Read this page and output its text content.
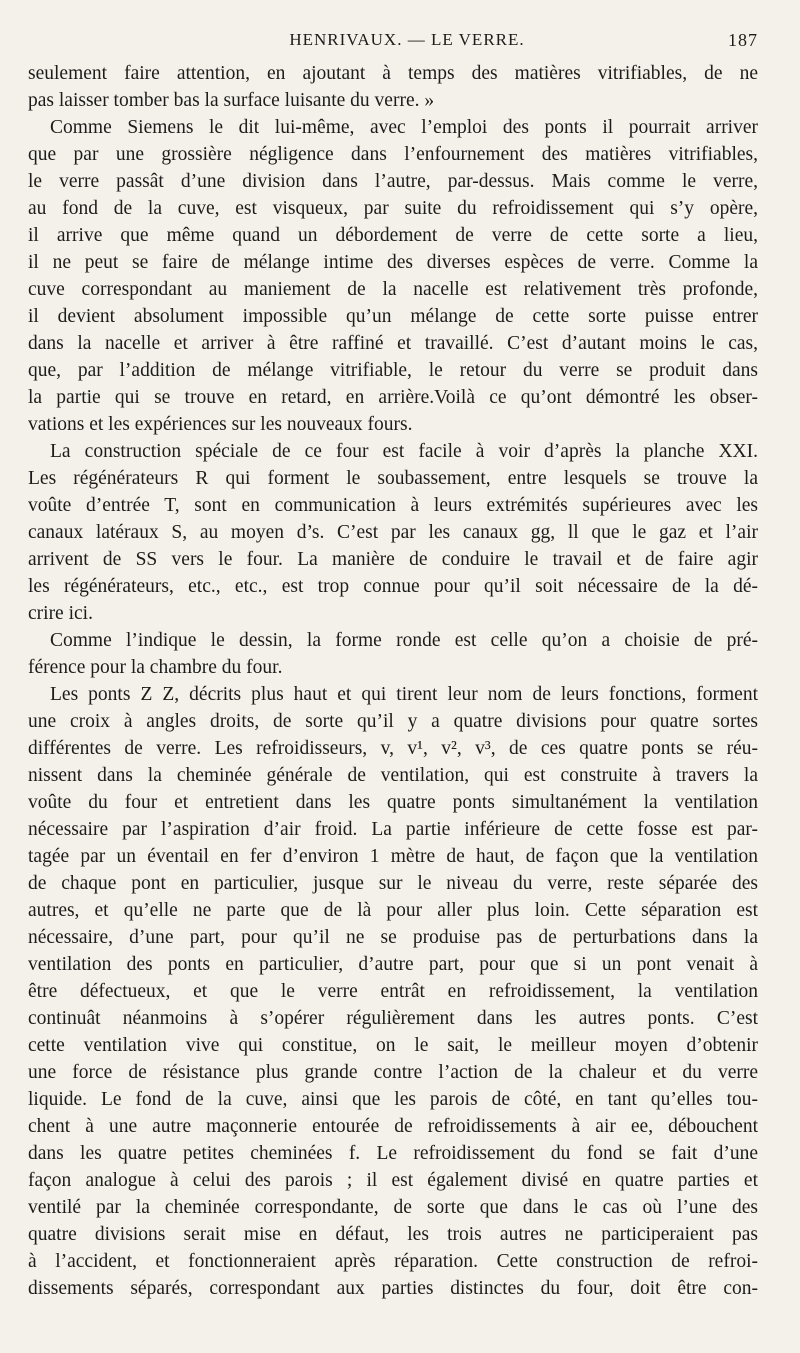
HENRIVAUX. — LE VERRE.	187
seulement faire attention, en ajoutant à temps des matières vitrifiables, de ne
pas laisser tomber bas la surface luisante du verre. »
Comme Siemens le dit lui-même, avec l’emploi des ponts il pourrait arriver
que par une grossière négligence dans l’enfournement des matières vitrifiables,
le verre passât d’une division dans l’autre, par-dessus. Mais comme le verre,
au fond de la cuve, est visqueux, par suite du refroidissement qui s’y opère,
il arrive que même quand un débordement de verre de cette sorte a lieu,
il ne peut se faire de mélange intime des diverses espèces de verre. Comme la
cuve correspondant au maniement de la nacelle est relativement très profonde,
il devient absolument impossible qu’un mélange de cette sorte puisse entrer
dans la nacelle et arriver à être raffiné et travaillé. C’est d’autant moins le cas,
que, par l’addition de mélange vitrifiable, le retour du verre se produit dans
la partie qui se trouve en retard, en arrière.Voilà ce qu’ont démontré les obser-
vations et les expériences sur les nouveaux fours.
La construction spéciale de ce four est facile à voir d’après la planche XXI.
Les régénérateurs R qui forment le soubassement, entre lesquels se trouve la
voûte d’entrée T, sont en communication à leurs extrémités supérieures avec les
canaux latéraux S, au moyen d’s. C’est par les canaux gg, ll que le gaz et l’air
arrivent de SS vers le four. La manière de conduire le travail et de faire agir
les régénérateurs, etc., etc., est trop connue pour qu’il soit nécessaire de la dé-
crire ici.
Comme l’indique le dessin, la forme ronde est celle qu’on a choisie de pré-
férence pour la chambre du four.
Les ponts Z Z, décrits plus haut et qui tirent leur nom de leurs fonctions, forment
une croix à angles droits, de sorte qu’il y a quatre divisions pour quatre sortes
différentes de verre. Les refroidisseurs, v, v¹, v², v³, de ces quatre ponts se réu-
nissent dans la cheminée générale de ventilation, qui est construite à travers la
voûte du four et entretient dans les quatre ponts simultanément la ventilation
nécessaire par l’aspiration d’air froid. La partie inférieure de cette fosse est par-
tagée par un éventail en fer d’environ 1 mètre de haut, de façon que la ventilation
de chaque pont en particulier, jusque sur le niveau du verre, reste séparée des
autres, et qu’elle ne parte que de là pour aller plus loin. Cette séparation est
nécessaire, d’une part, pour qu’il ne se produise pas de perturbations dans la
ventilation des ponts en particulier, d’autre part, pour que si un pont venait à
être défectueux, et que le verre entrât en refroidissement, la ventilation
continuât néanmoins à s’opérer régulièrement dans les autres ponts. C’est
cette ventilation vive qui constitue, on le sait, le meilleur moyen d’obtenir
une force de résistance plus grande contre l’action de la chaleur et du verre
liquide. Le fond de la cuve, ainsi que les parois de côté, en tant qu’elles tou-
chent à une autre maçonnerie entourée de refroidissements à air ee, débouchent
dans les quatre petites cheminées f. Le refroidissement du fond se fait d’une
façon analogue à celui des parois ; il est également divisé en quatre parties et
ventilé par la cheminée correspondante, de sorte que dans le cas où l’une des
quatre divisions serait mise en défaut, les trois autres ne participeraient pas
à l’accident, et fonctionneraient après réparation. Cette construction de refroi-
dissements séparés, correspondant aux parties distinctes du four, doit être con-
